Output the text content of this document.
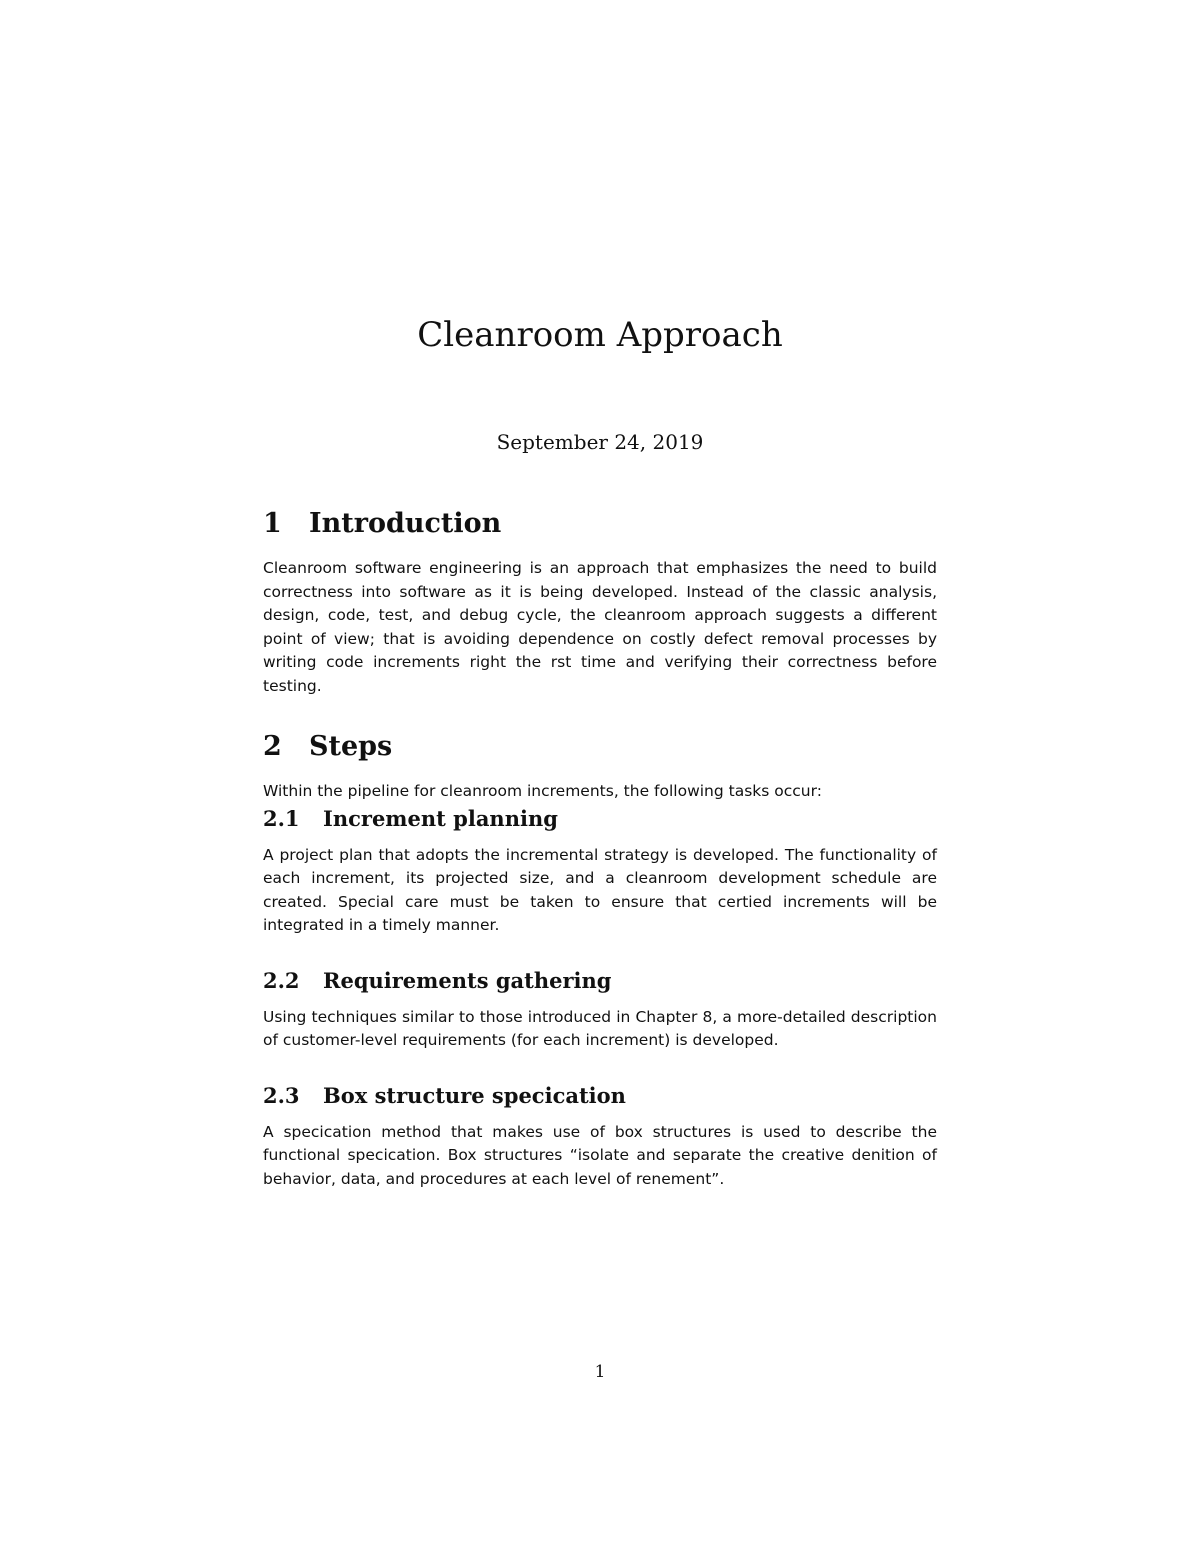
Cleanroom Approach
September 24, 2019
1	Introduction

Cleanroom software engineering is an approach that emphasizes the need to build correctness into software as it is being developed. Instead of the classic analysis, design, code, test, and debug cycle, the cleanroom approach suggests a different point of view; that is avoiding dependence on costly defect removal processes by writing code increments right the rst time and verifying their correctness before testing.

2	Steps

Within the pipeline for cleanroom increments, the following tasks occur:

2.1	Increment planning

A project plan that adopts the incremental strategy is developed. The functionality of each increment, its projected size, and a cleanroom development schedule are created. Special care must be taken to ensure that certied increments will be integrated in a timely manner.

2.2	Requirements gathering

Using techniques similar to those introduced in Chapter 8, a more-detailed description of customer-level requirements (for each increment) is developed.

2.3	Box structure specication

A specication method that makes use of box structures is used to describe the functional specication. Box structures “isolate and separate the creative denition of behavior, data, and procedures at each level of renement”.

1
